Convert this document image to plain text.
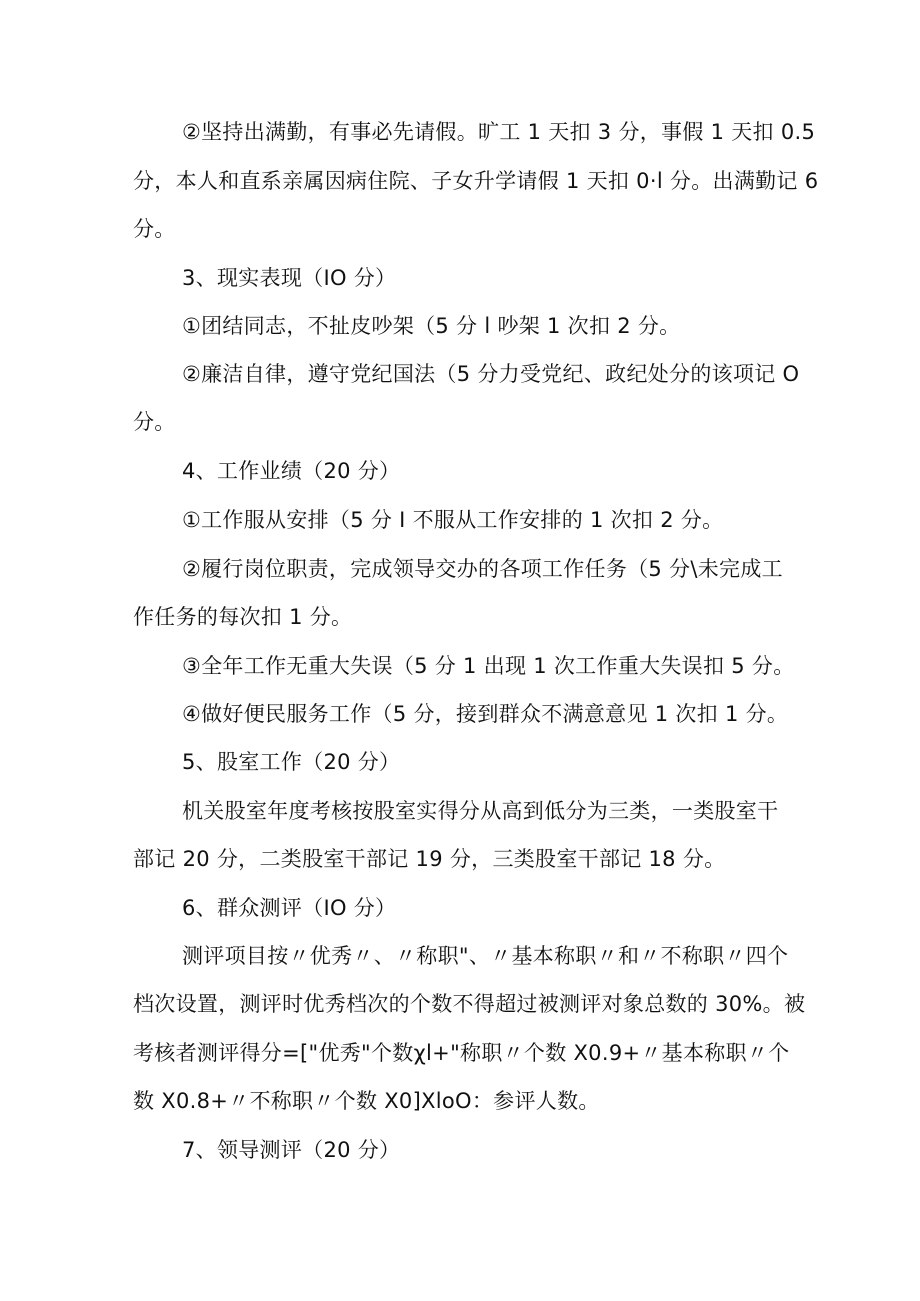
②坚持出满勤，有事必先请假。旷工 1 天扣 3 分，事假 1 天扣 0.5
分，本人和直系亲属因病住院、子女升学请假 1 天扣 0·l 分。出满勤记 6
分。
3、现实表现（IO 分）
①团结同志，不扯皮吵架（5 分 l 吵架 1 次扣 2 分。
②廉洁自律，遵守党纪国法（5 分力受党纪、政纪处分的该项记 O
分。
4、工作业绩（20 分）
①工作服从安排（5 分 I 不服从工作安排的 1 次扣 2 分。
②履行岗位职责，完成领导交办的各项工作任务（5 分\未完成工
作任务的每次扣 1 分。
③全年工作无重大失误（5 分 1 出现 1 次工作重大失误扣 5 分。
④做好便民服务工作（5 分，接到群众不满意意见 1 次扣 1 分。
5、股室工作（20 分）
机关股室年度考核按股室实得分从高到低分为三类，一类股室干
部记 20 分，二类股室干部记 19 分，三类股室干部记 18 分。
6、群众测评（IO 分）
测评项目按〃优秀〃、〃称职"、〃基本称职〃和〃不称职〃四个
档次设置，测评时优秀档次的个数不得超过被测评对象总数的 30%。被
考核者测评得分=["优秀"个数χl+"称职〃个数 X0.9+〃基本称职〃个
数 X0.8+〃不称职〃个数 X0]XloO：参评人数。
7、领导测评（20 分）
